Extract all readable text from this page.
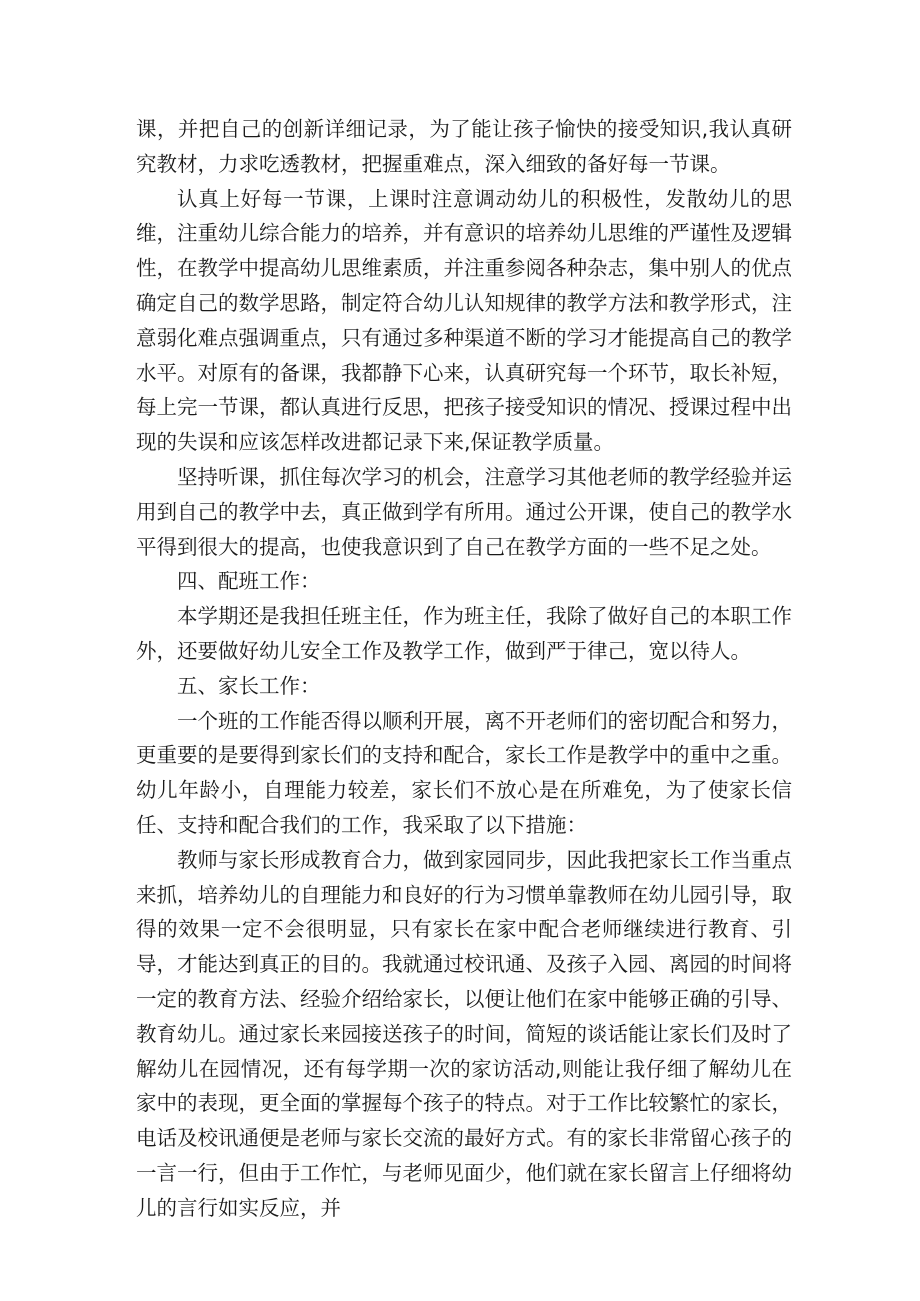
课，并把自己的创新详细记录，为了能让孩子愉快的接受知识,我认真研究教材，力求吃透教材，把握重难点，深入细致的备好每一节课。

认真上好每一节课，上课时注意调动幼儿的积极性，发散幼儿的思维，注重幼儿综合能力的培养，并有意识的培养幼儿思维的严谨性及逻辑性，在教学中提高幼儿思维素质，并注重参阅各种杂志，集中别人的优点确定自己的数学思路，制定符合幼儿认知规律的教学方法和教学形式，注意弱化难点强调重点，只有通过多种渠道不断的学习才能提高自己的教学水平。对原有的备课，我都静下心来，认真研究每一个环节，取长补短，每上完一节课，都认真进行反思，把孩子接受知识的情况、授课过程中出现的失误和应该怎样改进都记录下来,保证教学质量。

坚持听课，抓住每次学习的机会，注意学习其他老师的教学经验并运用到自己的教学中去，真正做到学有所用。通过公开课，使自己的教学水平得到很大的提高，也使我意识到了自己在教学方面的一些不足之处。

四、配班工作：

本学期还是我担任班主任，作为班主任，我除了做好自己的本职工作外，还要做好幼儿安全工作及教学工作，做到严于律己，宽以待人。

五、家长工作：

一个班的工作能否得以顺利开展，离不开老师们的密切配合和努力，更重要的是要得到家长们的支持和配合，家长工作是教学中的重中之重。幼儿年龄小，自理能力较差，家长们不放心是在所难免，为了使家长信任、支持和配合我们的工作，我采取了以下措施：

教师与家长形成教育合力，做到家园同步，因此我把家长工作当重点来抓，培养幼儿的自理能力和良好的行为习惯单靠教师在幼儿园引导，取得的效果一定不会很明显，只有家长在家中配合老师继续进行教育、引导，才能达到真正的目的。我就通过校讯通、及孩子入园、离园的时间将一定的教育方法、经验介绍给家长，以便让他们在家中能够正确的引导、教育幼儿。通过家长来园接送孩子的时间，简短的谈话能让家长们及时了解幼儿在园情况，还有每学期一次的家访活动,则能让我仔细了解幼儿在家中的表现，更全面的掌握每个孩子的特点。对于工作比较繁忙的家长，电话及校讯通便是老师与家长交流的最好方式。有的家长非常留心孩子的一言一行，但由于工作忙，与老师见面少，他们就在家长留言上仔细将幼儿的言行如实反应，并
